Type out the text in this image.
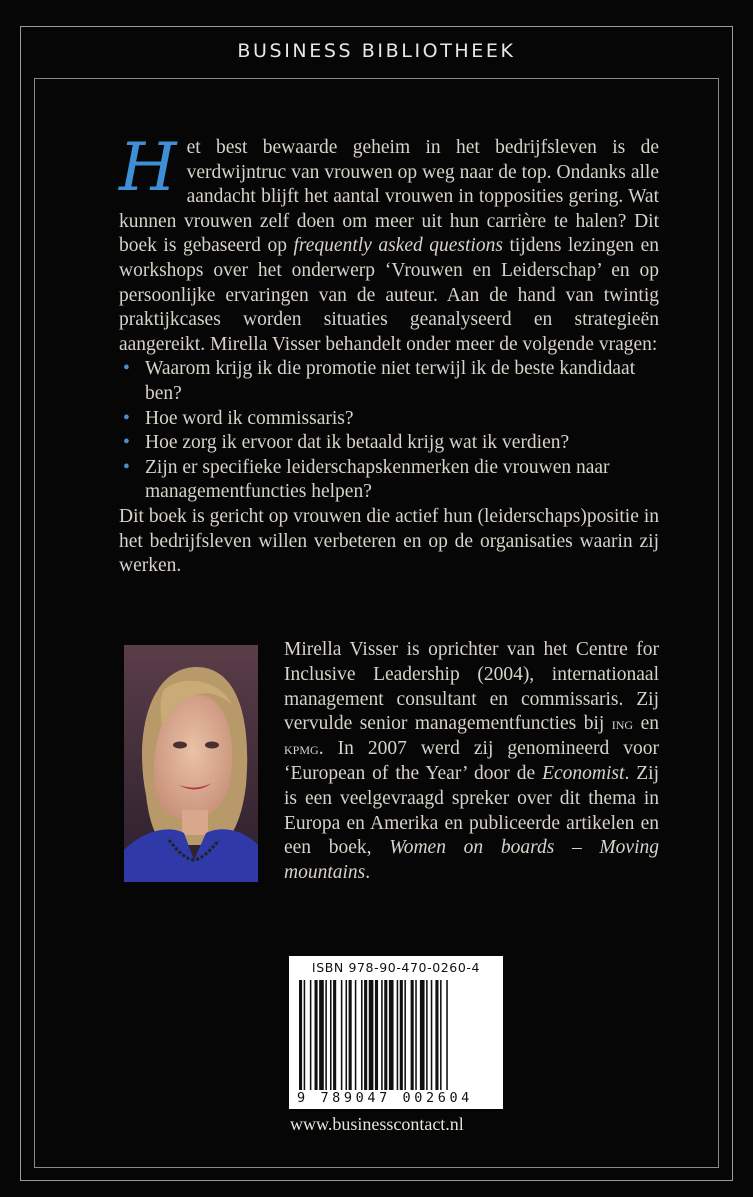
BUSINESS BIBLIOTHEEK

Het best bewaarde geheim in het bedrijfsleven is de verdwijntruc van vrouwen op weg naar de top. Ondanks alle aandacht blijft het aantal vrouwen in topposities gering. Wat kunnen vrouwen zelf doen om meer uit hun carrière te halen? Dit boek is gebaseerd op frequently asked questions tijdens lezingen en workshops over het onderwerp ‘Vrouwen en Leiderschap’ en op persoonlijke ervaringen van de auteur. Aan de hand van twintig praktijkcases worden situaties geanalyseerd en strategieën aangereikt. Mirella Visser behandelt onder meer de volgende vragen:

• Waarom krijg ik die promotie niet terwijl ik de beste kandidaat ben?
• Hoe word ik commissaris?
• Hoe zorg ik ervoor dat ik betaald krijg wat ik verdien?
• Zijn er specifieke leiderschapskenmerken die vrouwen naar managementfuncties helpen?

Dit boek is gericht op vrouwen die actief hun (leiderschaps)positie in het bedrijfsleven willen verbeteren en op de organisaties waarin zij werken.

Mirella Visser is oprichter van het Centre for Inclusive Leadership (2004), internationaal management consultant en commissaris. Zij vervulde senior managementfuncties bij ing en kpmg. In 2007 werd zij genomineerd voor ‘European of the Year’ door de Economist. Zij is een veelgevraagd spreker over dit thema in Europa en Amerika en publiceerde artikelen en een boek, Women on boards – Moving mountains.
ISBN 978-90-470-0260-4
9 789047 002604
www.businesscontact.nl
